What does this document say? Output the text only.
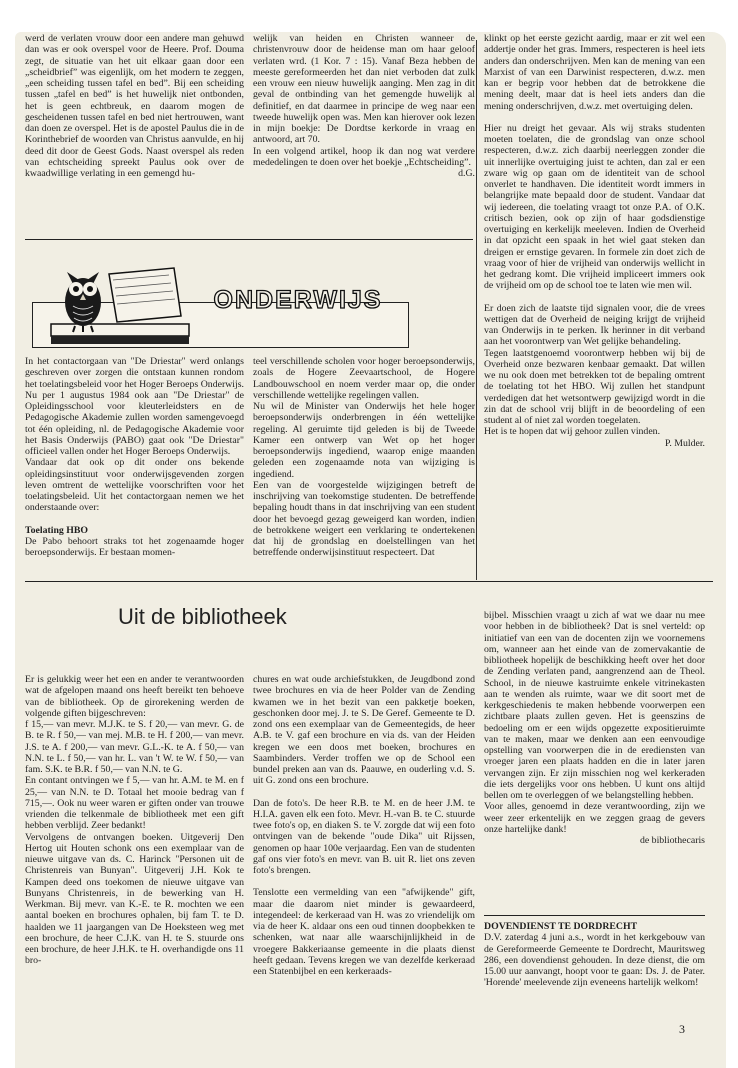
werd de verlaten vrouw door een andere man gehuwd dan was er ook overspel voor de Heere. Prof. Douma zegt, de situatie van het uit elkaar gaan door een „scheidbrief” was eigenlijk, om het modern te zeggen, „een scheiding tussen tafel en bed”. Bij een scheiding tussen „tafel en bed” is het huwelijk niet ontbonden, het is geen echtbreuk, en daarom mogen de gescheidenen tussen tafel en bed niet hertrouwen, want dan doen ze overspel. Het is de apostel Paulus die in de Korinthebrief de woorden van Christus aanvulde, en hij deed dit door de Geest Gods. Naast overspel als reden van echtscheiding spreekt Paulus ook over de kwaadwillige verlating in een gemengd hu-

welijk van heiden en Christen wanneer de christenvrouw door de heidense man om haar geloof verlaten wrd. (1 Kor. 7 : 15). Vanaf Beza hebben de meeste gereformeerden het dan niet verboden dat zulk een vrouw een nieuw huwelijk aanging. Men zag in dit geval de ontbinding van het gemengde huwelijk al definitief, en dat daarmee in principe de weg naar een tweede huwelijk open was. Men kan hierover ook lezen in mijn boekje: De Dordtse kerkorde in vraag en antwoord, art 70.

In een volgend artikel, hoop ik dan nog wat verdere mededelingen te doen over het boekje „Echtscheiding”.

d.G.

klinkt op het eerste gezicht aardig, maar er zit wel een addertje onder het gras. Immers, respecteren is heel iets anders dan onderschrijven. Men kan de mening van een Marxist of van een Darwinist respecteren, d.w.z. men kan er begrip voor hebben dat de betrokkene die mening deelt, maar dat is heel iets anders dan die mening onderschrijven, d.w.z. met overtuiging delen.

Hier nu dreigt het gevaar. Als wij straks studenten moeten toelaten, die de grondslag van onze school respecteren, d.w.z. zich daarbij neerleggen zonder die uit innerlijke overtuiging juist te achten, dan zal er een zware wig op gaan om de identiteit van de school onverlet te handhaven. Die identiteit wordt immers in belangrijke mate bepaald door de student. Vandaar dat wij iedereen, die toelating vraagt tot onze P.A. of O.K. critisch bezien, ook op zijn of haar godsdienstige overtuiging en kerkelijk meeleven. Indien de Overheid in dat opzicht een spaak in het wiel gaat steken dan dreigen er ernstige gevaren. In formele zin doet zich de vraag voor of hier de vrijheid van onderwijs wellicht in het gedrang komt. Die vrijheid impliceert immers ook de vrijheid om op de school toe te laten wie men wil.

Er doen zich de laatste tijd signalen voor, die de vrees wettigen dat de Overheid de neiging krijgt de vrijheid van Onderwijs in te perken. Ik herinner in dit verband aan het voorontwerp van Wet gelijke behandeling.

Tegen laatstgenoemd voorontwerp hebben wij bij de Overheid onze bezwaren kenbaar gemaakt. Dat willen we nu ook doen met betrekken tot de bepaling omtrent de toelating tot het HBO. Wij zullen het standpunt verdedigen dat het wetsontwerp gewijzigd wordt in die zin dat de school vrij blijft in de beoordeling of een student al of niet zal worden toegelaten.

Het is te hopen dat wij gehoor zullen vinden.

P. Mulder.

ONDERWIJS

In het contactorgaan van "De Driestar" werd onlangs geschreven over zorgen die ontstaan kunnen rondom het toelatingsbeleid voor het Hoger Beroeps Onderwijs. Nu per 1 augustus 1984 ook aan "De Driestar" de Opleidingsschool voor kleuterleidsters en de Pedagogische Akademie zullen worden samengevoegd tot één opleiding, nl. de Pedagogische Akademie voor het Basis Onderwijs (PABO) gaat ook "De Driestar" officieel vallen onder het Hoger Beroeps Onderwijs.

Vandaar dat ook op dit onder ons bekende opleidingsinstituut voor onderwijsgevenden zorgen leven omtrent de wettelijke voorschriften voor het toelatingsbeleid. Uit het contactorgaan nemen we het onderstaande over:

Toelating HBO

De Pabo behoort straks tot het zogenaamde hoger beroepsonderwijs. Er bestaan momen-

teel verschillende scholen voor hoger beroepsonderwijs, zoals de Hogere Zeevaartschool, de Hogere Landbouwschool en noem verder maar op, die onder verschillende wettelijke regelingen vallen.

Nu wil de Minister van Onderwijs het hele hoger beroepsonderwijs onderbrengen in één wettelijke regeling. Al geruimte tijd geleden is bij de Tweede Kamer een ontwerp van Wet op het hoger beroepsonderwijs ingediend, waarop enige maanden geleden een zogenaamde nota van wijziging is ingediend.

Een van de voorgestelde wijzigingen betreft de inschrijving van toekomstige studenten. De betreffende bepaling houdt thans in dat inschrijving van een student door het bevoegd gezag geweigerd kan worden, indien de betrokkene weigert een verklaring te ondertekenen dat hij de grondslag en doelstellingen van het betreffende onderwijsinstituut respecteert. Dat

Uit de bibliotheek

Er is gelukkig weer het een en ander te verantwoorden wat de afgelopen maand ons heeft bereikt ten behoeve van de bibliotheek. Op de girorekening werden de volgende giften bijgeschreven:

f 15,— van mevr. M.J.K. te S. f 20,— van mevr. G. de B. te R. f 50,— van mej. M.B. te H. f 200,— van mevr. J.S. te A. f 200,— van mevr. G.L.-K. te A. f 50,— van N.N. te L. f 50,— van hr. L. van 't W. te W. f 50,— van fam. S.K. te B.R. f 50,— van N.N. te G.

En contant ontvingen we f 5,— van hr. A.M. te M. en f 25,— van N.N. te D. Totaal het mooie bedrag van f 715,—. Ook nu weer waren er giften onder van trouwe vrienden die telkenmale de bibliotheek met een gift hebben verblijd. Zeer bedankt!

Vervolgens de ontvangen boeken. Uitgeverij Den Hertog uit Houten schonk ons een exemplaar van de nieuwe uitgave van ds. C. Harinck "Personen uit de Christenreis van Bunyan". Uitgeverij J.H. Kok te Kampen deed ons toekomen de nieuwe uitgave van Bunyans Christenreis, in de bewerking van H. Werkman. Bij mevr. van K.-E. te R. mochten we een aantal boeken en brochures ophalen, bij fam T. te D. haalden we 11 jaargangen van De Hoeksteen weg met een brochure, de heer C.J.K. van H. te S. stuurde ons een brochure, de heer J.H.K. te H. overhandigde ons 11 bro-

chures en wat oude archiefstukken, de Jeugdbond zond twee brochures en via de heer Polder van de Zending kwamen we in het bezit van een pakketje boeken, geschonken door mej. J. te S. De Geref. Gemeente te D. zond ons een exemplaar van de Gemeentegids, de heer A.B. te V. gaf een brochure en via ds. van der Heiden kregen we een doos met boeken, brochures en Saambinders. Verder troffen we op de School een bundel preken aan van ds. Paauwe, en ouderling v.d. S. uit G. zond ons een brochure.

Dan de foto's. De heer R.B. te M. en de heer J.M. te H.I.A. gaven elk een foto. Mevr. H.-van B. te C. stuurde twee foto's op, en diaken S. te V. zorgde dat wij een foto ontvingen van de bekende "oude Dika" uit Rijssen, genomen op haar 100e verjaardag. Een van de studenten gaf ons vier foto's en mevr. van B. uit R. liet ons zeven foto's brengen.

Tenslotte een vermelding van een "afwijkende" gift, maar die daarom niet minder is gewaardeerd, integendeel: de kerkeraad van H. was zo vriendelijk om via de heer K. aldaar ons een oud tinnen doopbekken te schenken, wat naar alle waarschijnlijkheid in de vroegere Bakkeriaanse gemeente in die plaats dienst heeft gedaan. Tevens kregen we van dezelfde kerkeraad een Statenbijbel en een kerkeraads-

bijbel. Misschien vraagt u zich af wat we daar nu mee voor hebben in de bibliotheek? Dat is snel verteld: op initiatief van een van de docenten zijn we voornemens om, wanneer aan het einde van de zomervakantie de bibliotheek hopelijk de beschikking heeft over het door de Zending verlaten pand, aangrenzend aan de Theol. School, in de nieuwe kastruimte enkele vitrinekasten aan te wenden als ruimte, waar we dit soort met de kerkgeschiedenis te maken hebbende voorwerpen een zichtbare plaats zullen geven. Het is geenszins de bedoeling om er een wijds opgezette expositieruimte van te maken, maar we denken aan een eenvoudige opstelling van voorwerpen die in de erediensten van vroeger jaren een plaats hadden en die in later jaren vervangen zijn. Er zijn misschien nog wel kerkeraden die iets dergelijks voor ons hebben. U kunt ons altijd bellen om te overleggen of we belangstelling hebben.

Voor alles, genoemd in deze verantwoording, zijn we weer zeer erkentelijk en we zeggen graag de gevers onze hartelijke dank!

de bibliothecaris

DOVENDIENST TE DORDRECHT

D.V. zaterdag 4 juni a.s., wordt in het kerkgebouw van de Gereformeerde Gemeente te Dordrecht, Mauritsweg 286, een dovendienst gehouden. In deze dienst, die om 15.00 uur aanvangt, hoopt voor te gaan: Ds. J. de Pater. 'Horende' meelevende zijn eveneens hartelijk welkom!

3
